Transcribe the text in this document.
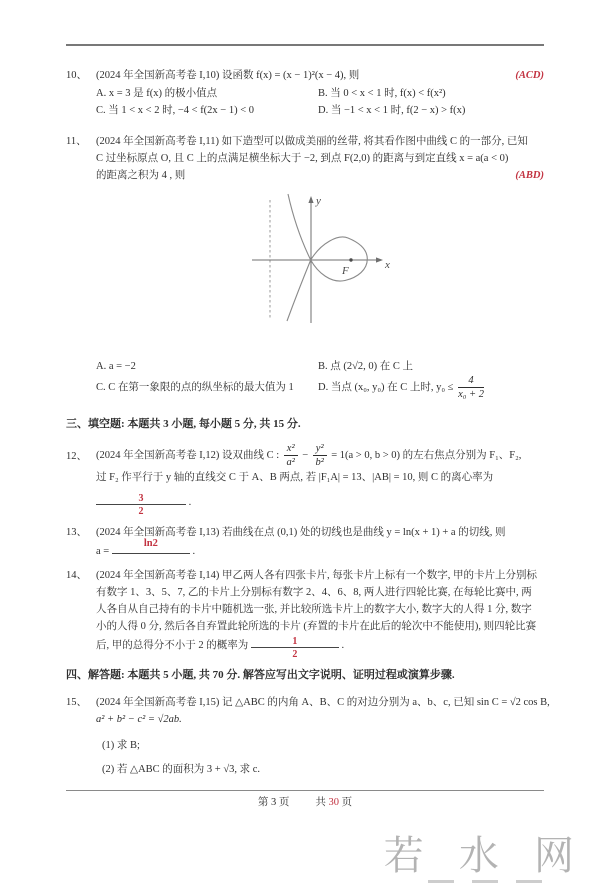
10、 (2024 年全国新高考卷 I,10) 设函数 f(x) = (x − 1)²(x − 4), 则	(ACD)
A. x = 3 是 f(x) 的极小值点	B. 当 0 < x < 1 时, f(x) < f(x²)
C. 当 1 < x < 2 时, −4 < f(2x − 1) < 0	D. 当 −1 < x < 1 时, f(2 − x) > f(x)
11、 (2024 年全国新高考卷 I,11) 如下造型可以做成美丽的丝带, 将其看作图中曲线 C 的一部分, 已知
C 过坐标原点 O, 且 C 上的点满足横坐标大于 −2, 到点 F(2,0) 的距离与到定直线 x = a(a < 0)
的距离之积为 4 , 则	(ABD)
F
y
x
A. a = −2	B. 点 (2√2, 0) 在 C 上
C. C 在第一象限的点的纵坐标的最大值为 1	D. 当点 (x₀, y₀) 在 C 上时, $y_0 \le \frac{4}{\text{x₀ + 2}}$
三、填空题: 本题共 3 小题, 每小题 5 分, 共 15 分.
12、 (2024 年全国新高考卷 I,12) 设双曲线 C : $\frac{\text{x²}}{\text{a²}} - \frac{\text{y²}}{\text{b²}} = 1(a > 0$, b > 0) 的左右焦点分别为 F₁、F₂,
过 F₂ 作平行于 y 轴的直线交 C 于 A、B 两点, 若 |F₁A| = 13、|AB| = 10, 则 C 的离心率为
3
2
.
13、 (2024 年全国新高考卷 I,13) 若曲线在点 (0,1) 处的切线也是曲线 y = ln(x + 1) + a 的切线, 则
a =
ln2
.
14、 (2024 年全国新高考卷 I,14) 甲乙两人各有四张卡片, 每张卡片上标有一个数字, 甲的卡片上分别标
有数字 1、3、5、7, 乙的卡片上分别标有数字 2、4、6、8, 两人进行四轮比赛, 在每轮比赛中, 两
人各自从自己持有的卡片中随机选一张, 并比较所选卡片上的数字大小, 数字大的人得 1 分, 数字
小的人得 0 分, 然后各自弃置此轮所选的卡片 (弃置的卡片在此后的轮次中不能使用), 则四轮比赛
后, 甲的总得分不小于 2 的概率为	1
2
.
四、解答题: 本题共 5 小题, 共 70 分. 解答应写出文字说明、证明过程或演算步骤.
15、 (2024 年全国新高考卷 I,15) 记 △ABC 的内角 A、B、C 的对边分别为 a、b、c, 已知 sin C = √2 cos B,
a² + b² − c² = √2ab.
(1) 求 B;
(2) 若 △ABC 的面积为 3 + √3, 求 c.
第 3 页 共 30 页
若 水 网
